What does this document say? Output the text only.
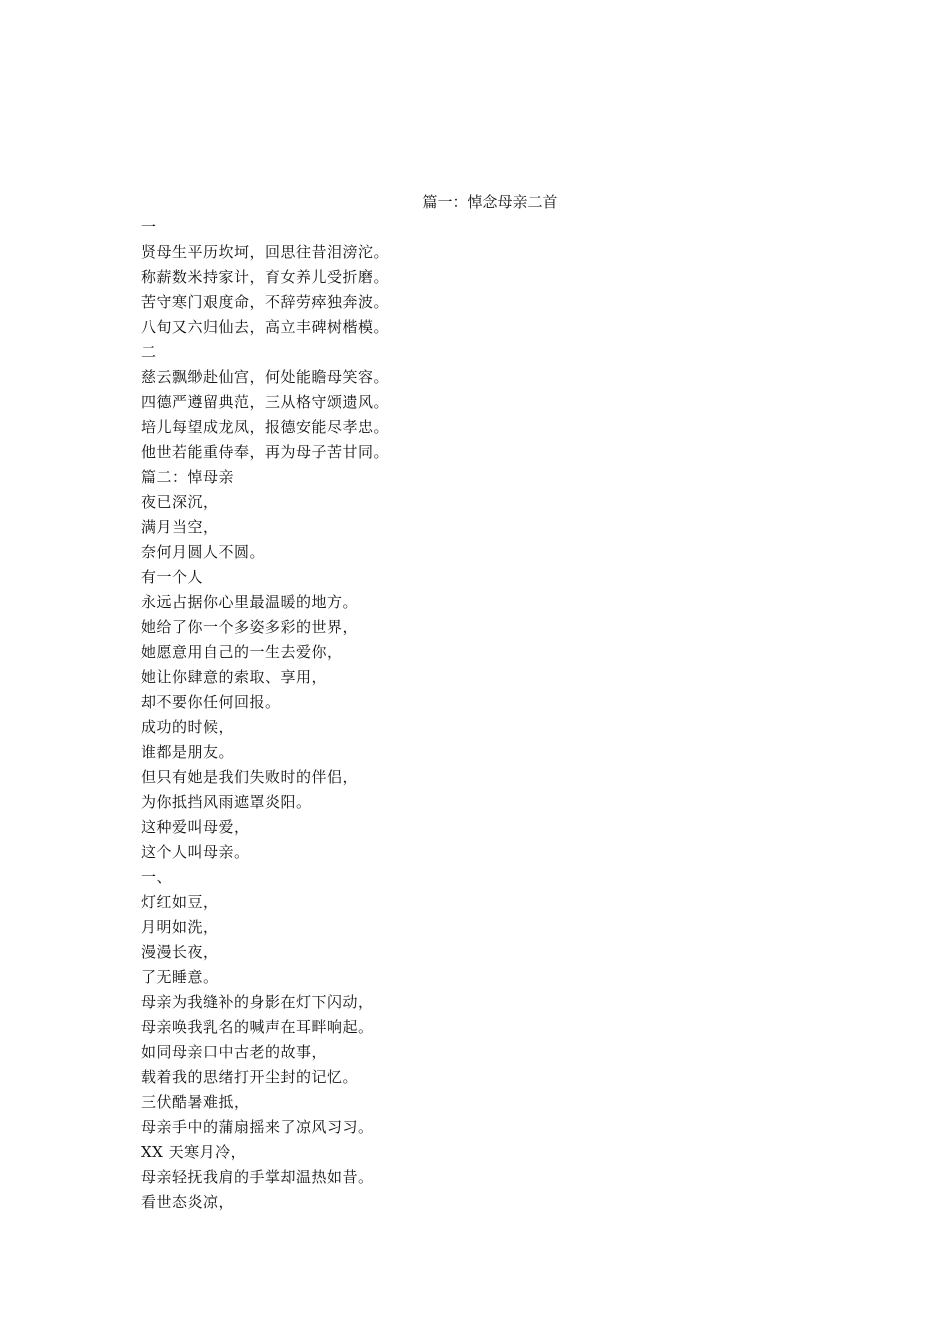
篇一：悼念母亲二首
一
贤母生平历坎坷，回思往昔泪滂沱。
称薪数米持家计，育女养儿受折磨。
苦守寒门艰度命，不辞劳瘁独奔波。
八旬又六归仙去，高立丰碑树楷模。
二
慈云飘缈赴仙宫，何处能瞻母笑容。
四德严遵留典范，三从格守颂遗风。
培儿每望成龙凤，报德安能尽孝忠。
他世若能重侍奉，再为母子苦甘同。
篇二：悼母亲
夜已深沉，
满月当空，
奈何月圆人不圆。
有一个人
永远占据你心里最温暖的地方。
她给了你一个多姿多彩的世界，
她愿意用自己的一生去爱你，
她让你肆意的索取、享用，
却不要你任何回报。
成功的时候，
谁都是朋友。
但只有她是我们失败时的伴侣，
为你抵挡风雨遮罩炎阳。
这种爱叫母爱，
这个人叫母亲。
一、
灯红如豆，
月明如洗，
漫漫长夜，
了无睡意。
母亲为我缝补的身影在灯下闪动，
母亲唤我乳名的喊声在耳畔响起。
如同母亲口中古老的故事，
载着我的思绪打开尘封的记忆。
三伏酷暑难抵，
母亲手中的蒲扇摇来了凉风习习。
XX 天寒月冷，
母亲轻抚我肩的手掌却温热如昔。
看世态炎凉，
